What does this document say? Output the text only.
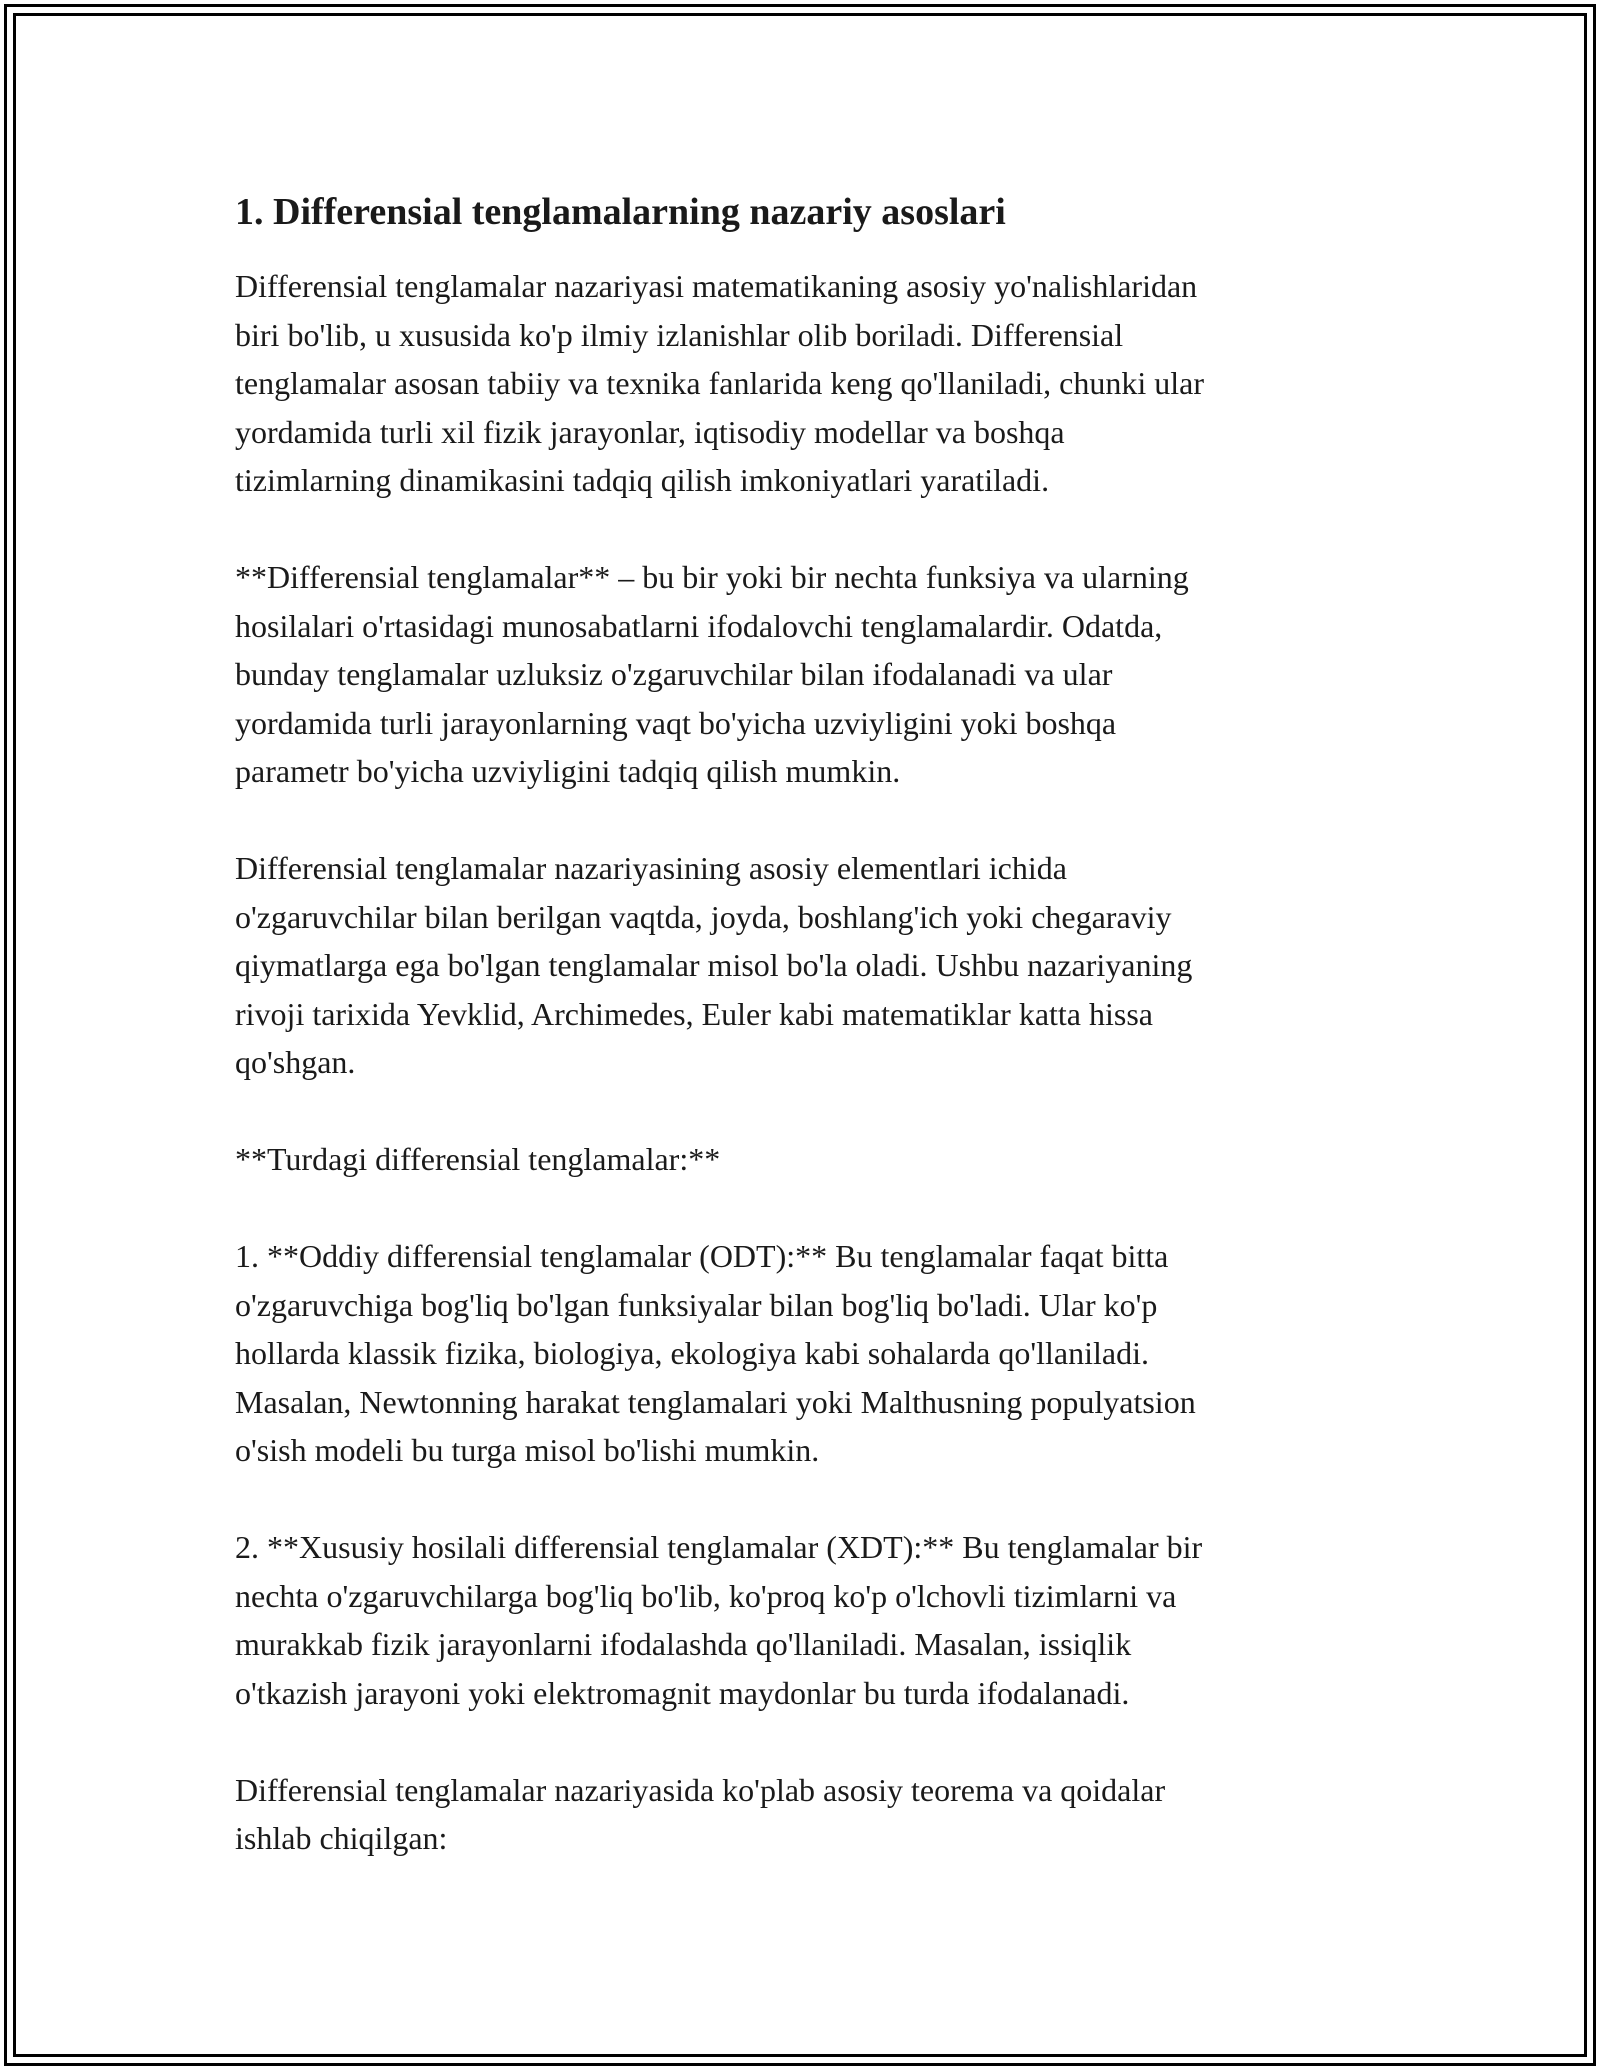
1. Differensial tenglamalarning nazariy asoslari

Differensial tenglamalar nazariyasi matematikaning asosiy yo'nalishlaridan
biri bo'lib, u xususida ko'p ilmiy izlanishlar olib boriladi. Differensial
tenglamalar asosan tabiiy va texnika fanlarida keng qo'llaniladi, chunki ular
yordamida turli xil fizik jarayonlar, iqtisodiy modellar va boshqa
tizimlarning dinamikasini tadqiq qilish imkoniyatlari yaratiladi.

**Differensial tenglamalar** – bu bir yoki bir nechta funksiya va ularning
hosilalari o'rtasidagi munosabatlarni ifodalovchi tenglamalardir. Odatda,
bunday tenglamalar uzluksiz o'zgaruvchilar bilan ifodalanadi va ular
yordamida turli jarayonlarning vaqt bo'yicha uzviyligini yoki boshqa
parametr bo'yicha uzviyligini tadqiq qilish mumkin.

Differensial tenglamalar nazariyasining asosiy elementlari ichida
o'zgaruvchilar bilan berilgan vaqtda, joyda, boshlang'ich yoki chegaraviy
qiymatlarga ega bo'lgan tenglamalar misol bo'la oladi. Ushbu nazariyaning
rivoji tarixida Yevklid, Archimedes, Euler kabi matematiklar katta hissa
qo'shgan.

**Turdagi differensial tenglamalar:**

1. **Oddiy differensial tenglamalar (ODT):** Bu tenglamalar faqat bitta
o'zgaruvchiga bog'liq bo'lgan funksiyalar bilan bog'liq bo'ladi. Ular ko'p
hollarda klassik fizika, biologiya, ekologiya kabi sohalarda qo'llaniladi.
Masalan, Newtonning harakat tenglamalari yoki Malthusning populyatsion
o'sish modeli bu turga misol bo'lishi mumkin.

2. **Xususiy hosilali differensial tenglamalar (XDT):** Bu tenglamalar bir
nechta o'zgaruvchilarga bog'liq bo'lib, ko'proq ko'p o'lchovli tizimlarni va
murakkab fizik jarayonlarni ifodalashda qo'llaniladi. Masalan, issiqlik
o'tkazish jarayoni yoki elektromagnit maydonlar bu turda ifodalanadi.

Differensial tenglamalar nazariyasida ko'plab asosiy teorema va qoidalar
ishlab chiqilgan:
